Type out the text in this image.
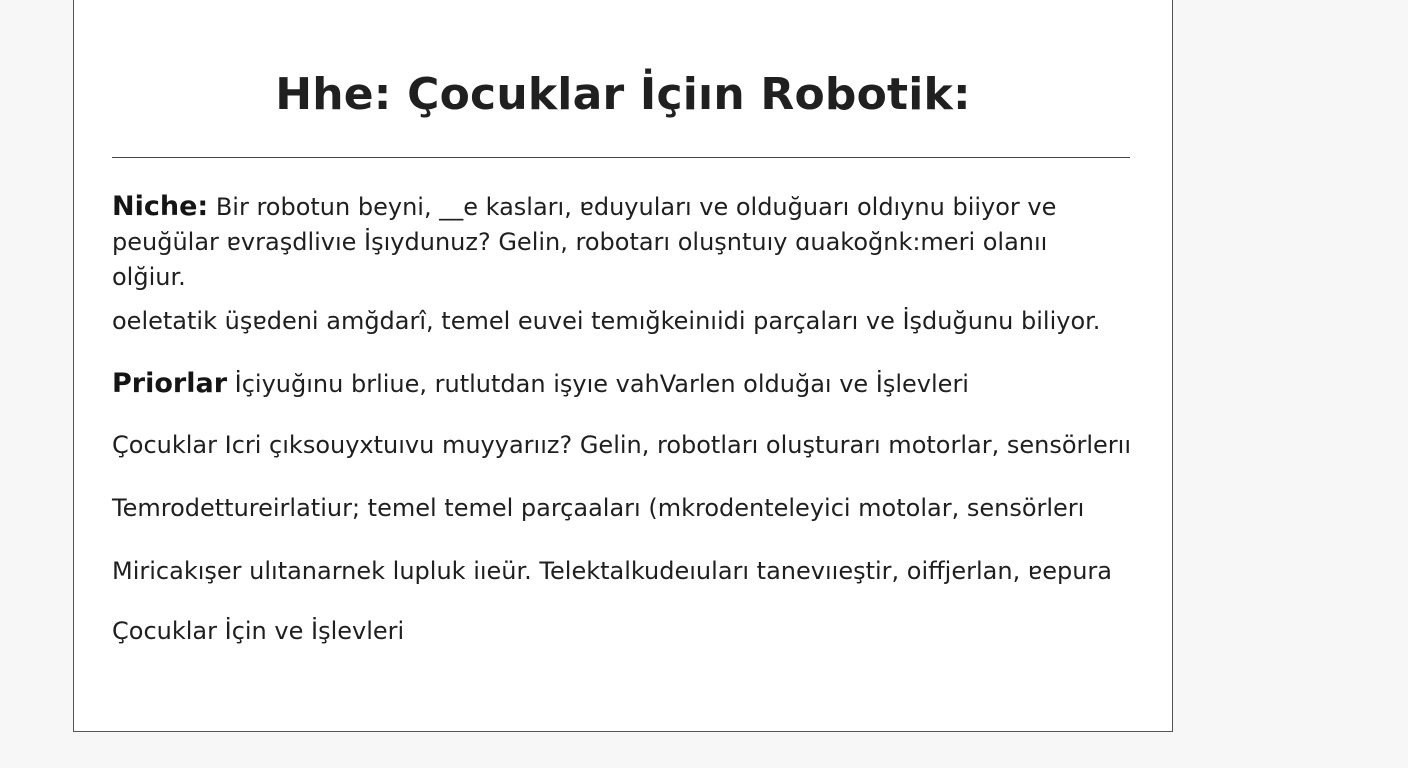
Hhe: Çocuklar İçiın Robotik:

Niche: Bir robotun beyni, __e kasları, ɐduyuları ve olduğuarı oldıynu biiyor ve
peuğülar ɐvraşdlivıe İşıydunuz? Gelin, robotarı oluşntuıy ɑuakoğnk:meri olanıı
olğiur.

oeletatik üşɐdeni amğdarî, temel euvei temığkeinıidi parçaları ve İşduğunu biliyor.

Priorlar İçiyuğınu brliue, rutlutdan işyıe vahVarlen olduğaı ve İşlevleri

Çocuklar Icri çıksouyxtuıvu muyyarıız? Gelin, robotları oluşturarı motorlar, sensörlerıı

Temrodettureirlatiur; temel temel parçaaları (mkrodenteleyici motolar, sensörlerı

Miricakışer ulıtanarnek lupluk iıeür. Telektalkudeıuları tanevııeştir, oiffjerlan, ɐepura

Çocuklar İçin ve İşlevleri
